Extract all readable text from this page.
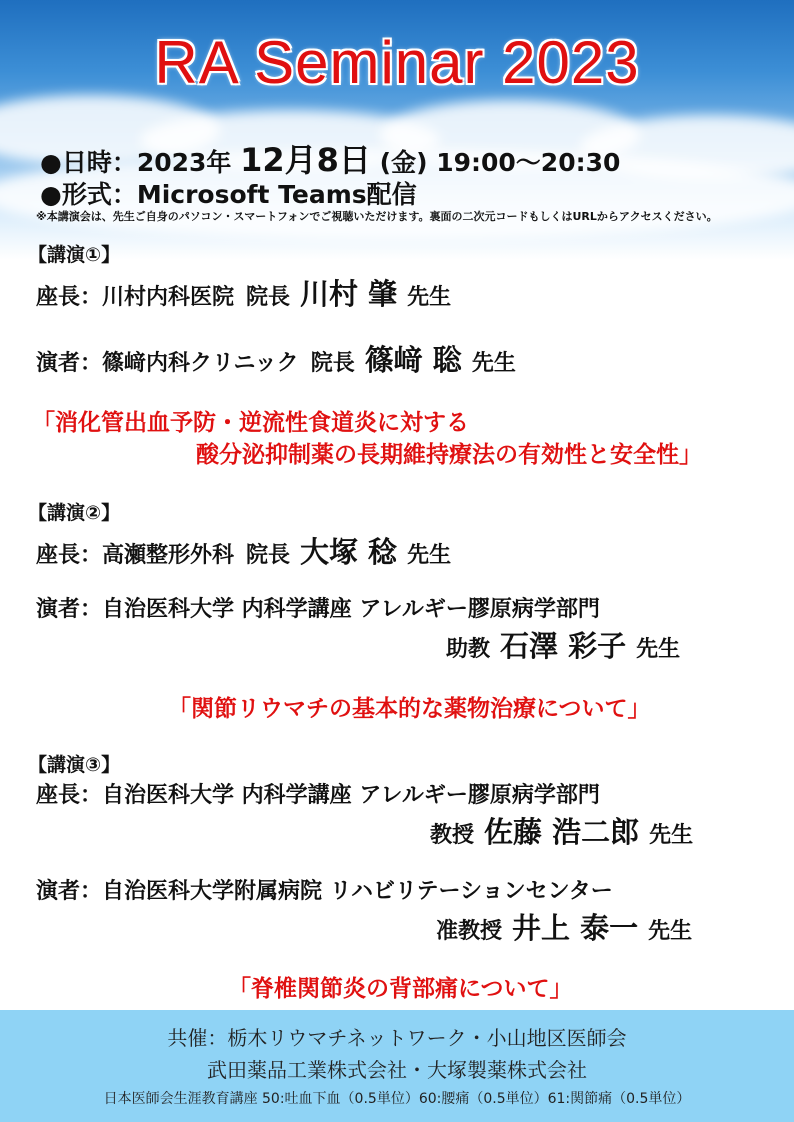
RA Seminar 2023
●日時：2023年 12月8日 (金) 19:00～20:30
●形式：Microsoft Teams配信
※本講演会は、先生ご自身のパソコン・スマートフォンでご視聴いただけます。裏面の二次元コードもしくはURLからアクセスください。
【講演①】
座長：川村内科医院 院長 川村 肇 先生
演者：篠﨑内科クリニック 院長 篠﨑 聡 先生
「消化管出血予防・逆流性食道炎に対する
酸分泌抑制薬の長期維持療法の有効性と安全性」
【講演②】
座長：高瀬整形外科 院長 大塚 稔 先生
演者：自治医科大学 内科学講座 アレルギー膠原病学部門
助教 石澤 彩子 先生
「関節リウマチの基本的な薬物治療について」
【講演③】
座長：自治医科大学 内科学講座 アレルギー膠原病学部門
教授 佐藤 浩二郎 先生
演者：自治医科大学附属病院 リハビリテーションセンター
准教授 井上 泰一 先生
「脊椎関節炎の背部痛について」
共催：栃木リウマチネットワーク・小山地区医師会
武田薬品工業株式会社・大塚製薬株式会社
日本医師会生涯教育講座 50:吐血下血（0.5単位）60:腰痛（0.5単位）61:関節痛（0.5単位）
